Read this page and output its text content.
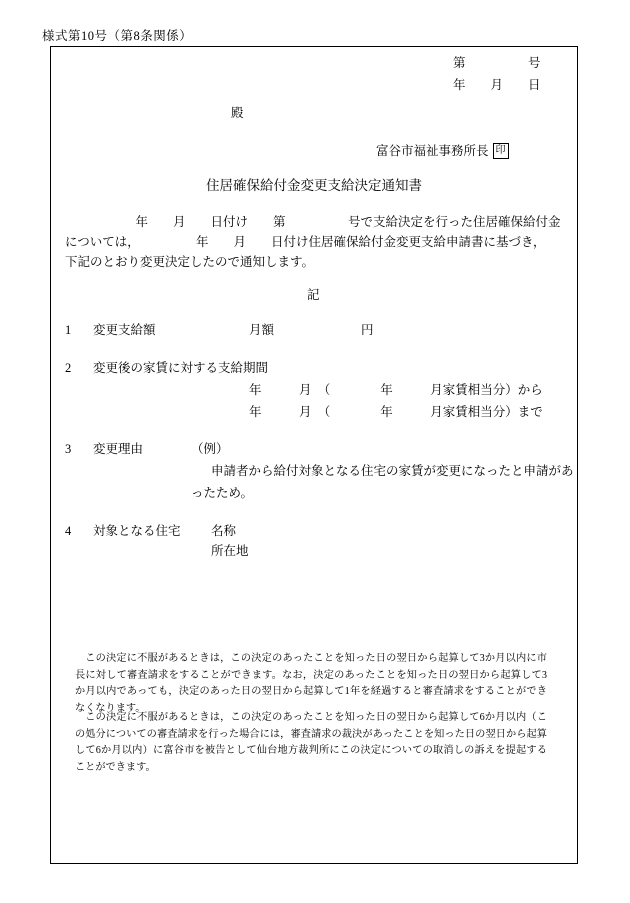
様式第10号（第8条関係）
第　　　　　号
年　　月　　日
殿
富谷市福祉事務所長 印
住居確保給付金変更支給決定通知書
　　　　　年　　月　　日付け　　第　　　　　号で支給決定を行った住居確保給付金
については，　　　　　年　　月　　日付け住居確保給付金変更支給申請書に基づき，
下記のとおり変更決定したので通知します。
記
1 変更支給額	月額	円
2 変更後の家賃に対する支給期間
年　　　月　（　　　　年　　　月家賃相当分）から
年　　　月　（　　　　年　　　月家賃相当分）まで
3 変更理由	（例）
申請者から給付対象となる住宅の家賃が変更になったと申請があ
ったため。
4 対象となる住宅 名称
所在地
この決定に不服があるときは，この決定のあったことを知った日の翌日から起算して3か月以内に市長に対して審査請求をすることができます。なお，決定のあったことを知った日の翌日から起算して3か月以内であっても，決定のあった日の翌日から起算して1年を経過すると審査請求をすることができなくなります。
この決定に不服があるときは，この決定のあったことを知った日の翌日から起算して6か月以内（この処分についての審査請求を行った場合には，審査請求の裁決があったことを知った日の翌日から起算して6か月以内）に富谷市を被告として仙台地方裁判所にこの決定についての取消しの訴えを提起することができます。
